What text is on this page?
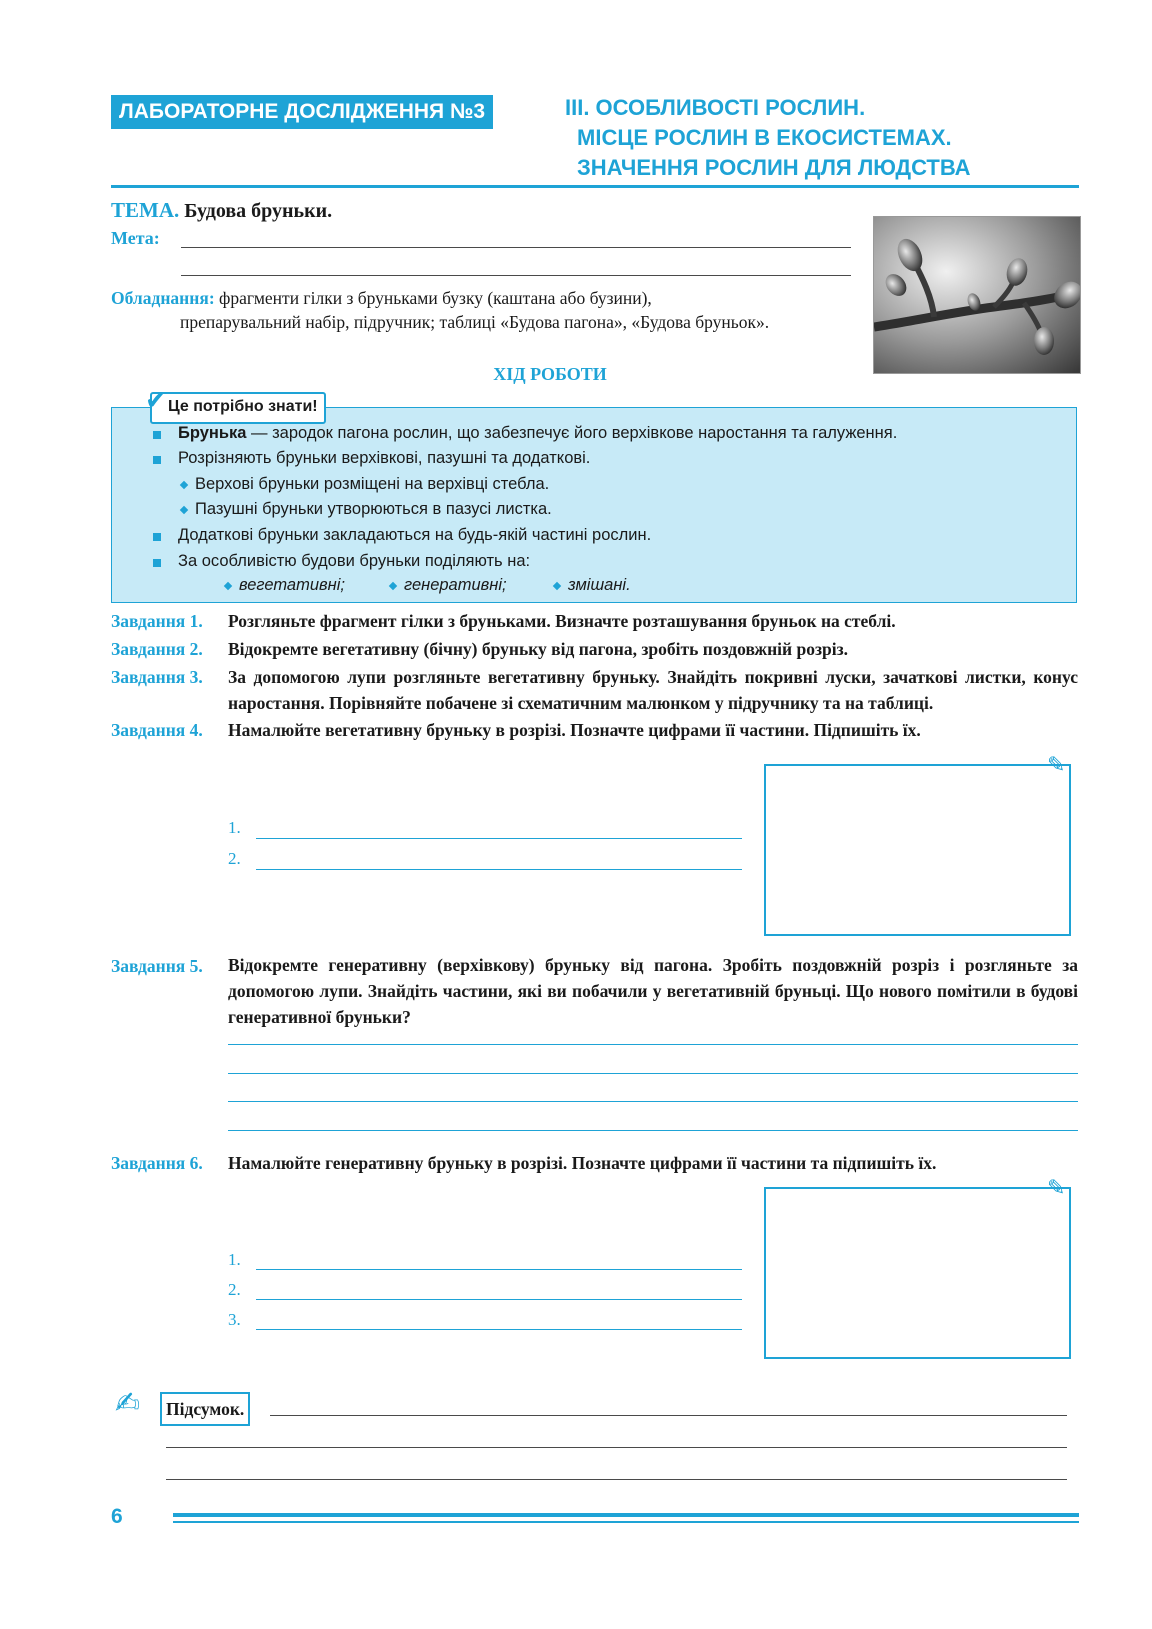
ЛАБОРАТОРНЕ ДОСЛІДЖЕННЯ №3	ІІІ. ОСОБЛИВОСТІ РОСЛИН.
МІСЦЕ РОСЛИН В ЕКОСИСТЕМАХ.
ЗНАЧЕННЯ РОСЛИН ДЛЯ ЛЮДСТВА
ТЕМА. Будова бруньки.
Мета:
Обладнання: фрагменти гілки з бруньками бузку (каштана або бузини),
препарувальний набір, підручник; таблиці «Будова пагона», «Будова бруньок».
ХІД РОБОТИ
Це потрібно знати!
✔
Брунька — зародок пагона рослин, що забезпечує його верхівкове наростання та галуження.
Розрізняють бруньки верхівкові, пазушні та додаткові.
Верхові бруньки розміщені на верхівці стебла.
Пазушні бруньки утворюються в пазусі листка.
Додаткові бруньки закладаються на будь-якій частині рослин.
За особливістю будови бруньки поділяють на:
вегетативні;	генеративні;	змішані.
Завдання 1. Розгляньте фрагмент гілки з бруньками. Визначте розташування бруньок на стеблі.
Завдання 2. Відокремте вегетативну (бічну) бруньку від пагона, зробіть поздовжній розріз.
Завдання 3. За допомогою лупи розгляньте вегетативну бруньку. Знайдіть покривні луски, зачаткові листки, конус наростання. Порівняйте побачене зі схематичним малюнком у підручнику та на таблиці.
Завдання 4. Намалюйте вегетативну бруньку в розрізі. Позначте цифрами її частини. Підпишіть їх.
1.
2.
✎
Завдання 5. Відокремте генеративну (верхівкову) бруньку від пагона. Зробіть поздовжній розріз і розгляньте за допомогою лупи. Знайдіть частини, які ви побачили у вегетативній бруньці. Що нового помітили в будові генеративної бруньки?
Завдання 6. Намалюйте генеративну бруньку в розрізі. Позначте цифрами її частини та підпишіть їх.
1.
2.
3.
✎
✍	Підсумок.
6
